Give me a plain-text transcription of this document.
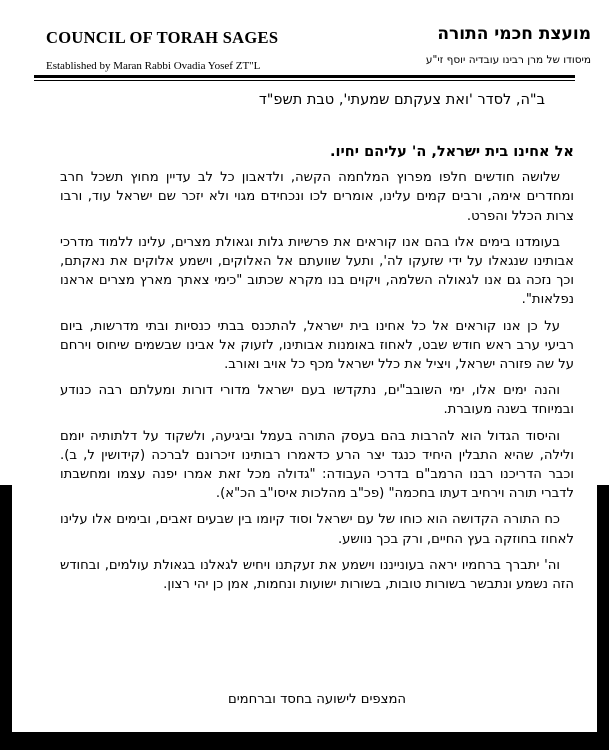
COUNCIL OF TORAH SAGES
Established by Maran Rabbi Ovadia Yosef ZT"L
מועצת חכמי התורה
מיסודו של מרן רבינו עובדיה יוסף זי"ע
ב"ה, לסדר 'ואת צעקתם שמעתי', טבת תשפ"ד

אל אחינו בית ישראל, ה' עליהם יחיו.

שלושה חודשים חלפו מפרוץ המלחמה הקשה, ולדאבון כל לב עדיין מחוץ תשכל חרב ומחדרים אימה, ורבים קמים עלינו, אומרים לכו ונכחידם מגוי ולא יזכר שם ישראל עוד, ורבו צרות הכלל והפרט.

בעומדנו בימים אלו בהם אנו קוראים את פרשיות גלות וגאולת מצרים, עלינו ללמוד מדרכי אבותינו שנגאלו על ידי שזעקו לה', ותעל שוועתם אל האלוקים, וישמע אלוקים את נאקתם, וכך נזכה גם אנו לגאולה השלמה, ויקוים בנו מקרא שכתוב "כימי צאתך מארץ מצרים אראנו נפלאות".

על כן אנו קוראים אל כל אחינו בית ישראל, להתכנס בבתי כנסיות ובתי מדרשות, ביום רביעי ערב ראש חודש שבט, לאחוז באומנות אבותינו, לזעוק אל אבינו שבשמים שיחוס וירחם על שה פזורה ישראל, ויציל את כלל ישראל מכף כל אויב ואורב.

והנה ימים אלו, ימי השובב"ים, נתקדשו בעם ישראל מדורי דורות ומעלתם רבה כנודע ובמיוחד בשנה מעוברת.

והיסוד הגדול הוא להרבות בהם בעסק התורה בעמל וביגיעה, ולשקוד על דלתותיה יומם ולילה, שהיא התבלין היחיד כנגד יצר הרע כדאמרו רבותינו זיכרונם לברכה (קידושין ל, ב). וכבר הדריכנו רבנו הרמב"ם בדרכי העבודה: "גדולה מכל זאת אמרו יפנה עצמו ומחשבתו לדברי תורה וירחיב דעתו בחכמה" (פכ"ב מהלכות איסו"ב הכ"א).

כח התורה הקדושה הוא כוחו של עם ישראל וסוד קיומו בין שבעים זאבים, ובימים אלו עלינו לאחוז בחוזקה בעץ החיים, ורק בכך נוושע.

וה' יתברך ברחמיו יראה בעונייננו וישמע את זעקתנו ויחיש לגאלנו בגאולת עולמים, ובחודש הזה נשמע ונתבשר בשורות טובות, בשורות ישועות ונחמות, אמן כן יהי רצון.

המצפים לישועה בחסד וברחמים
